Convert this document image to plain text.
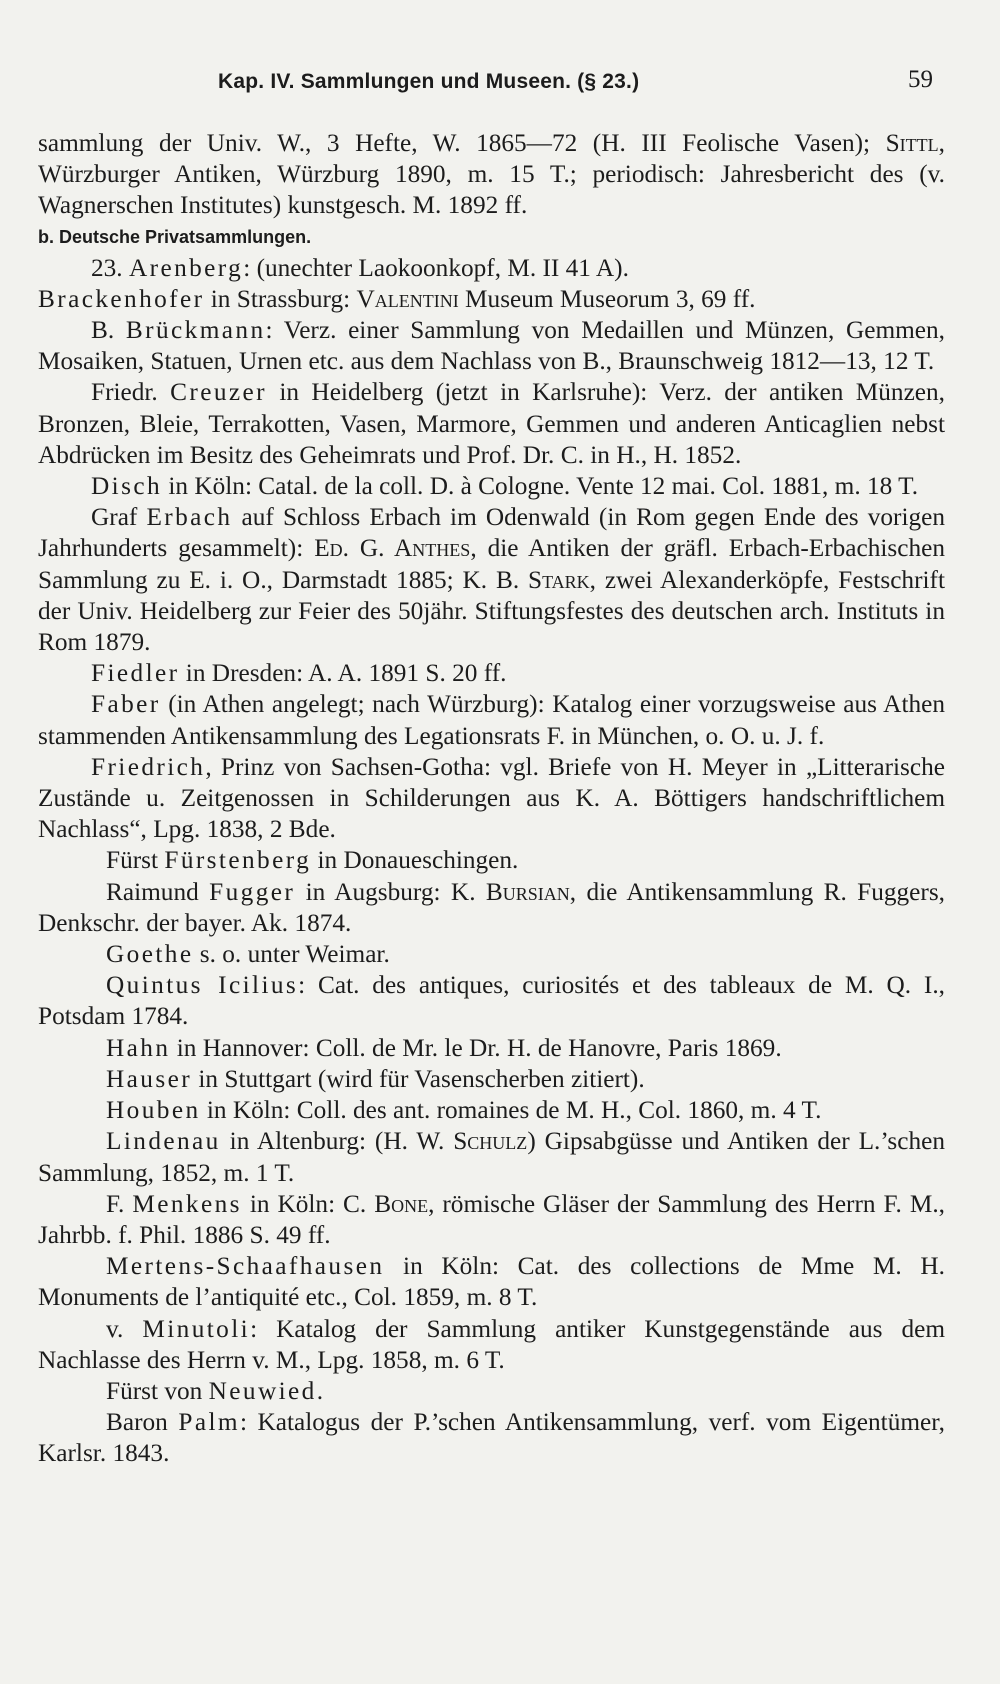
Kap. IV. Sammlungen und Museen. (§ 23.)	59

sammlung der Univ. W., 3 Hefte, W. 1865—72 (H. III Feolische Vasen); Sittl, Würzburger Antiken, Würzburg 1890, m. 15 T.; periodisch: Jahresbericht des (v. Wagnerschen Institutes) kunstgesch. M. 1892 ff.

b. Deutsche Privatsammlungen.

23. Arenberg: (unechter Laokoonkopf, M. II 41 A).

Brackenhofer in Strassburg: Valentini Museum Museorum 3, 69 ff.

B. Brückmann: Verz. einer Sammlung von Medaillen und Münzen, Gemmen, Mosaiken, Statuen, Urnen etc. aus dem Nachlass von B., Braunschweig 1812—13, 12 T.

Friedr. Creuzer in Heidelberg (jetzt in Karlsruhe): Verz. der antiken Münzen, Bronzen, Bleie, Terrakotten, Vasen, Marmore, Gemmen und anderen Anticaglien nebst Abdrücken im Besitz des Geheimrats und Prof. Dr. C. in H., H. 1852.

Disch in Köln: Catal. de la coll. D. à Cologne. Vente 12 mai. Col. 1881, m. 18 T.

Graf Erbach auf Schloss Erbach im Odenwald (in Rom gegen Ende des vorigen Jahrhunderts gesammelt): Ed. G. Anthes, die Antiken der gräfl. Erbach-Erbachischen Sammlung zu E. i. O., Darmstadt 1885; K. B. Stark, zwei Alexanderköpfe, Festschrift der Univ. Heidelberg zur Feier des 50jähr. Stiftungsfestes des deutschen arch. Instituts in Rom 1879.

Fiedler in Dresden: A. A. 1891 S. 20 ff.

Faber (in Athen angelegt; nach Würzburg): Katalog einer vorzugsweise aus Athen stammenden Antikensammlung des Legationsrats F. in München, o. O. u. J. f.

Friedrich, Prinz von Sachsen-Gotha: vgl. Briefe von H. Meyer in „Litterarische Zustände u. Zeitgenossen in Schilderungen aus K. A. Böttigers handschriftlichem Nachlass“, Lpg. 1838, 2 Bde.

Fürst Fürstenberg in Donaueschingen.

Raimund Fugger in Augsburg: K. Bursian, die Antikensammlung R. Fuggers, Denkschr. der bayer. Ak. 1874.

Goethe s. o. unter Weimar.

Quintus Icilius: Cat. des antiques, curiosités et des tableaux de M. Q. I., Potsdam 1784.

Hahn in Hannover: Coll. de Mr. le Dr. H. de Hanovre, Paris 1869.

Hauser in Stuttgart (wird für Vasenscherben zitiert).

Houben in Köln: Coll. des ant. romaines de M. H., Col. 1860, m. 4 T.

Lindenau in Altenburg: (H. W. Schulz) Gipsabgüsse und Antiken der L.’schen Sammlung, 1852, m. 1 T.

F. Menkens in Köln: C. Bone, römische Gläser der Sammlung des Herrn F. M., Jahrbb. f. Phil. 1886 S. 49 ff.

Mertens-Schaafhausen in Köln: Cat. des collections de Mme M. H. Monuments de l’antiquité etc., Col. 1859, m. 8 T.

v. Minutoli: Katalog der Sammlung antiker Kunstgegenstände aus dem Nachlasse des Herrn v. M., Lpg. 1858, m. 6 T.

Fürst von Neuwied.

Baron Palm: Katalogus der P.’schen Antikensammlung, verf. vom Eigentümer, Karlsr. 1843.
